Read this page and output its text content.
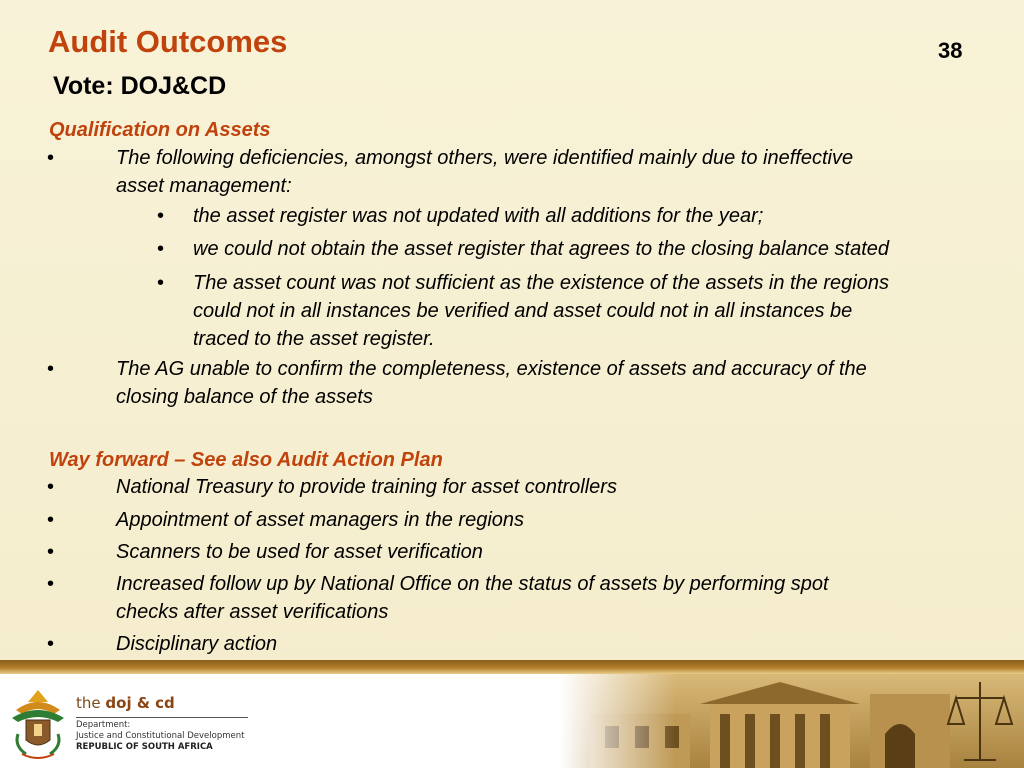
Audit Outcomes	38
Vote: DOJ&CD
Qualification on Assets
•	The following deficiencies, amongst others, were identified mainly due to ineffective
asset management:
• the asset register was not updated with all additions for the year;
• we could not obtain the asset register that agrees to the closing balance stated
• The asset count was not sufficient as the existence of the assets in the regions
could not in all instances be verified and asset could not in all instances be
traced to the asset register.
•	The AG unable to confirm the completeness, existence of assets and accuracy of the
closing balance of the assets
Way forward – See also Audit Action Plan
•	National Treasury to provide training for asset controllers
•	Appointment of asset managers in the regions
•	Scanners to be used for asset verification
•	Increased follow up by National Office on the status of assets by performing spot
checks after asset verifications
•	Disciplinary action
the doj & cd
Department:
Justice and Constitutional Development
REPUBLIC OF SOUTH AFRICA
